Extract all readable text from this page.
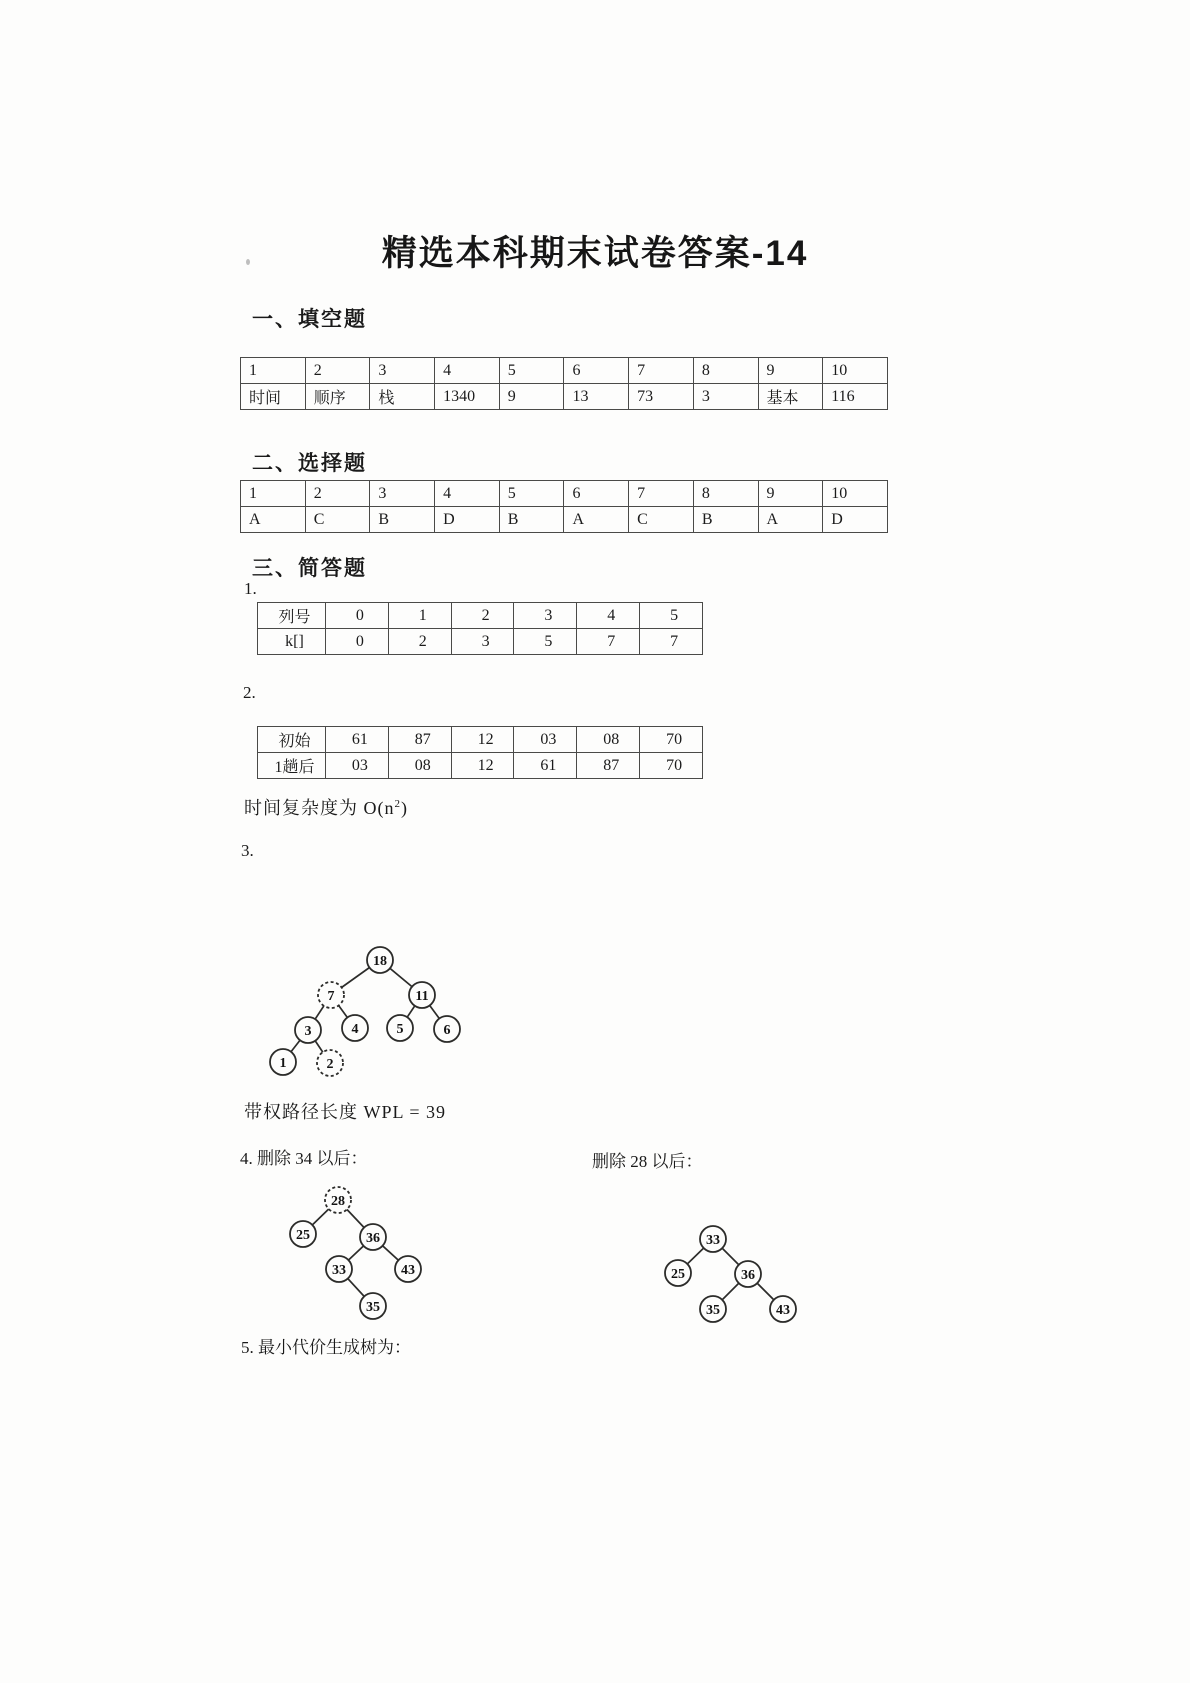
精选本科期末试卷答案-14
一、填空题
1	2	3	4	5	6	7	8	9	10
时间	顺序	栈	1340	9	13	73	3	基本	116
二、选择题
1	2	3	4	5	6	7	8	9	10
A	C	B	D	B	A	C	B	A	D
三、简答题
1.
列号	0	1	2	3	4	5
k[]	0	2	3	5	7	7
2.
初始	61	87	12	03	08	70
1趟后	03	08	12	61	87	70
时间复杂度为 $O(n^2)$
3.
18
7	11
3	4	5	6
1	2
带权路径长度 WPL = 39
4. 删除 34 以后：	删除 28 以后：
28
25	36
33	43
35
33
25	36
35	43
5. 最小代价生成树为：
